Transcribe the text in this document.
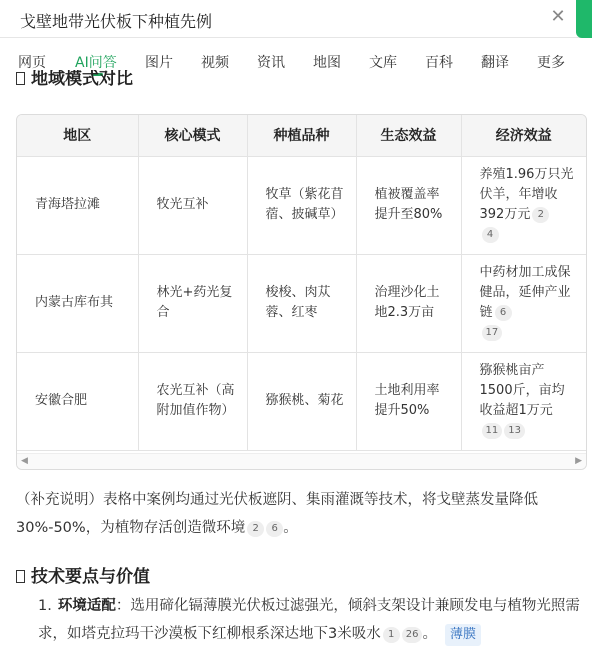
戈壁地带光伏板下种植先例	✕
网页 AI问答 图片 视频 资讯 地图 文库 百科 翻译 更多
地域模式对比
地区	核心模式	种植品种	生态效益	经济效益
青海塔拉滩	牧光互补	牧草（紫花苜蓿、披碱草）	植被覆盖率提升至80%	养殖1.96万只光伏羊，年增收392万元 2
4
内蒙古库布其	林光+药光复合	梭梭、肉苁蓉、红枣	治理沙化土地2.3万亩	中药材加工成保健品，延伸产业链 6
17
安徽合肥	农光互补（高附加值作物）	猕猴桃、菊花	土地利用率提升50%	猕猴桃亩产1500斤，亩均收益超1万元
11 13
◀	▶
（补充说明）表格中案例均通过光伏板遮阴、集雨灌溉等技术，将戈壁蒸发量降低30%-50%，为植物存活创造微环境 2 6 。
技术要点与价值
1. 环境适配：选用碲化镉薄膜光伏板过滤强光，倾斜支架设计兼顾发电与植物光照需求，如塔克拉玛干沙漠板下红柳根系深达地下3米吸水 1 26 。 薄膜
